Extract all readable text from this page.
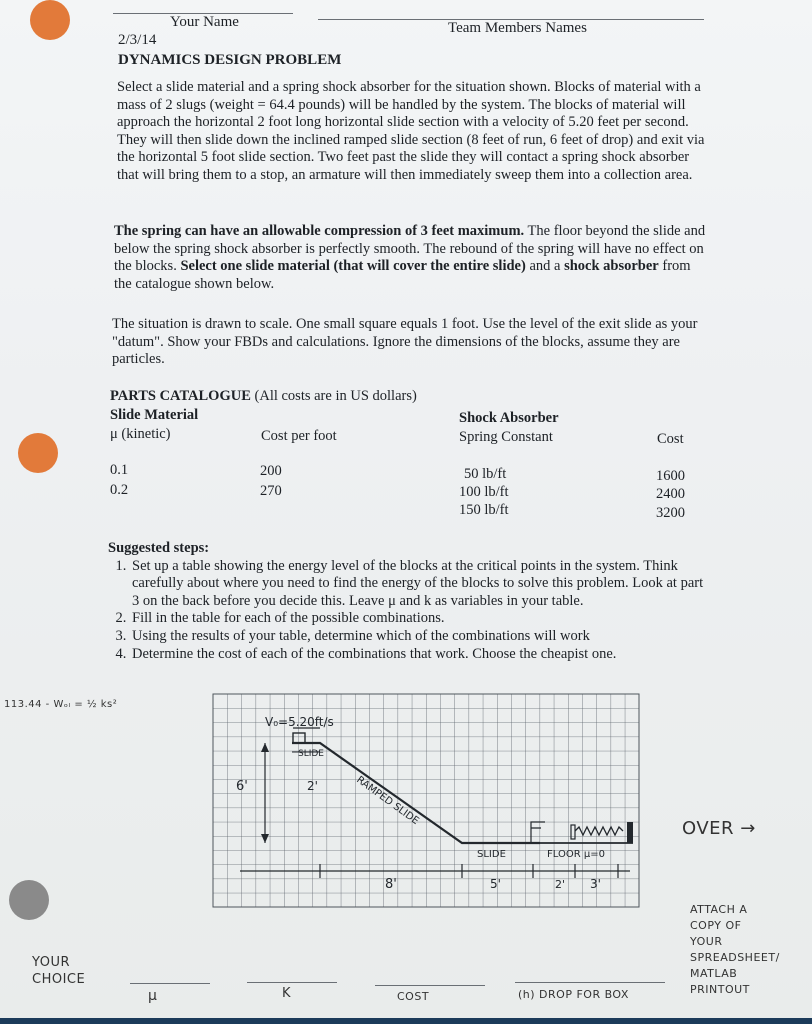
Your Name	Team Members Names
2/3/14
DYNAMICS DESIGN PROBLEM
Select a slide material and a spring shock absorber for the situation shown. Blocks of material with a mass of 2 slugs (weight = 64.4 pounds) will be handled by the system. The blocks of material will approach the horizontal 2 foot long horizontal slide section with a velocity of 5.20 feet per second. They will then slide down the inclined ramped slide section (8 feet of run, 6 feet of drop) and exit via the horizontal 5 foot slide section. Two feet past the slide they will contact a spring shock absorber that will bring them to a stop, an armature will then immediately sweep them into a collection area.
The spring can have an allowable compression of 3 feet maximum. The floor beyond the slide and below the spring shock absorber is perfectly smooth. The rebound of the spring will have no effect on the blocks. Select one slide material (that will cover the entire slide) and a shock absorber from the catalogue shown below.
The situation is drawn to scale. One small square equals 1 foot. Use the level of the exit slide as your "datum". Show your FBDs and calculations. Ignore the dimensions of the blocks, assume they are particles.
PARTS CATALOGUE (All costs are in US dollars)
Slide Material	Shock Absorber
μ (kinetic)	Cost per foot	Spring Constant	Cost
0.1	200
0.2	270
50 lb/ft	1600
100 lb/ft	2400
150 lb/ft	3200
Suggested steps:
1. Set up a table showing the energy level of the blocks at the critical points in the system. Think carefully about where you need to find the energy of the blocks to solve this problem. Look at part 3 on the back before you decide this. Leave μ and k as variables in your table.
2. Fill in the table for each of the possible combinations.
3. Using the results of your table, determine which of the combinations will work
4. Determine the cost of each of the combinations that work. Choose the cheapist one.
113.44 - Wₒₗ = ½ ks²
V₀=5.20ft/s
SLIDE
6'	2'	RAMPED SLIDE
SLIDE	FLOOR μ=0
8'	5'	2' 3'
OVER →
ATTACH A
COPY OF
YOUR
SPREADSHEET/
MATLAB
PRINTOUT
YOUR
CHOICE
μ	K	COST	(h) DROP FOR BOX
